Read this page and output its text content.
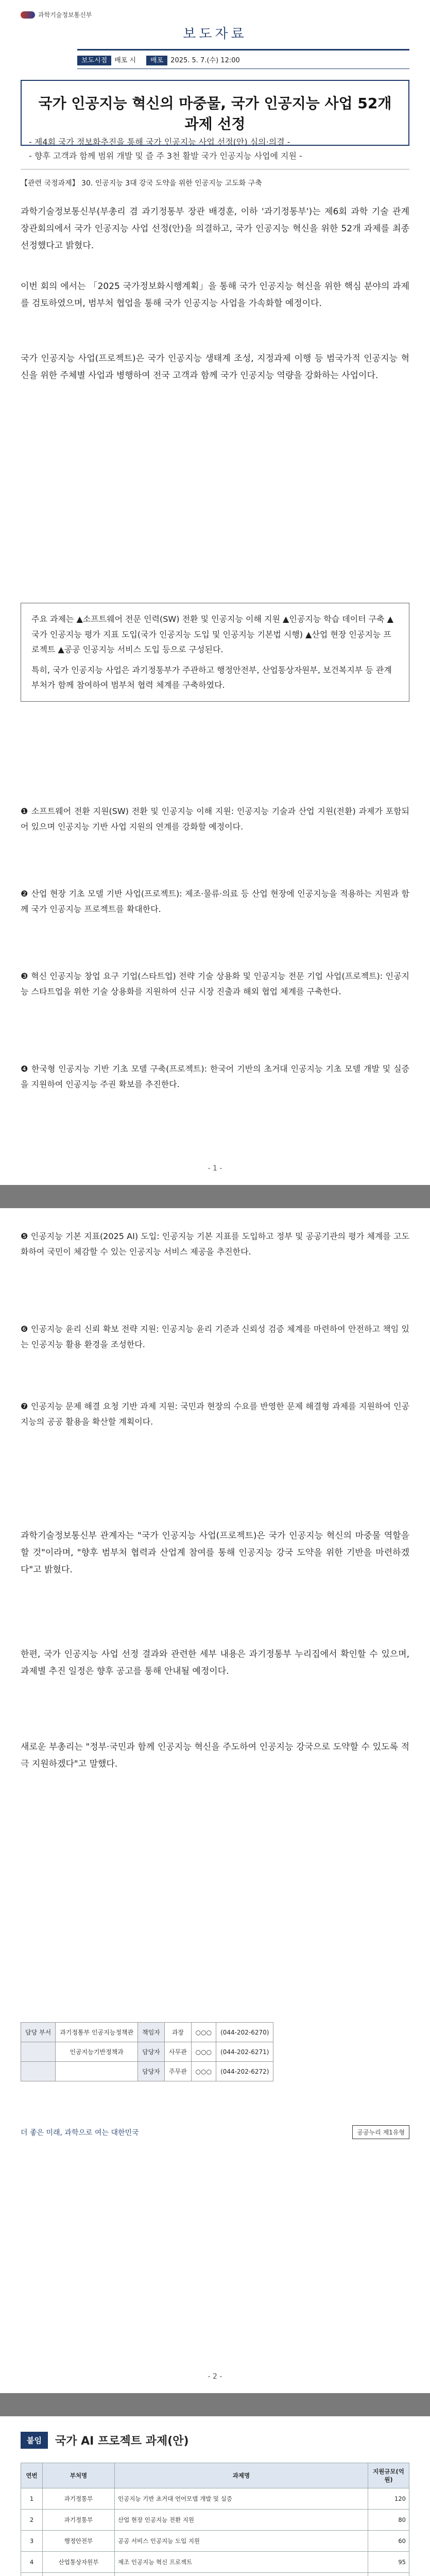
과학기술정보통신부
보도자료
보도시점 배포 시	배포 2025. 5. 7.(수) 12:00
국가 인공지능 혁신의 마중물, 국가 인공지능 사업 52개 과제 선정
- 제4회 국가 정보화추진을 통해 국가 인공지능 사업 선정(안) 심의·의결 -
- 향후 고객과 함께 범위 개발 및 즐 주 3천 활발 국가 인공지능 사업에 지원 -
【관련 국정과제】 30. 인공지능 3대 강국 도약을 위한 인공지능 고도화 구축
과학기술정보통신부(부총리 겸 과기정통부 장관 배경훈, 이하 '과기정통부')는 제6회 과학 기술 관계 장관회의에서 국가 인공지능 사업 선정(안)을 의결하고, 국가 인공지능 혁신을 위한 52개 과제를 최종 선정했다고 밝혔다.
이번 회의 에서는 「2025 국가정보화시행계획」을 통해 국가 인공지능 혁신을 위한 핵심 분야의 과제를 검토하였으며, 범부처 협업을 통해 국가 인공지능 사업을 가속화할 예정이다.
국가 인공지능 사업(프로젝트)은 국가 인공지능 생태계 조성, 지정과제 이행 등 범국가적 인공지능 혁신을 위한 주체별 사업과 병행하여 전국 고객과 함께 국가 인공지능 역량을 강화하는 사업이다.
주요 과제는 ▲소프트웨어 전문 인력(SW) 전환 및 인공지능 이해 지원 ▲인공지능 학습 데이터 구축 ▲국가 인공지능 평가 지표 도입(국가 인공지능 도입 및 인공지능 기본법 시행) ▲산업 현장 인공지능 프로젝트 ▲공공 인공지능 서비스 도입 등으로 구성된다.
특히, 국가 인공지능 사업은 과기정통부가 주관하고 행정안전부, 산업통상자원부, 보건복지부 등 관계 부처가 함께 참여하여 범부처 협력 체계를 구축하였다.
❶ 소프트웨어 전환 지원(SW) 전환 및 인공지능 이해 지원: 인공지능 기술과 산업 지원(전환) 과제가 포함되어 있으며 인공지능 기반 사업 지원의 연계를 강화할 예정이다.
❷ 산업 현장 기초 모델 기반 사업(프로젝트): 제조·물류·의료 등 산업 현장에 인공지능을 적용하는 지원과 함께 국가 인공지능 프로젝트를 확대한다.
❸ 혁신 인공지능 창업 요구 기업(스타트업) 전략 기술 상용화 및 인공지능 전문 기업 사업(프로젝트): 인공지능 스타트업을 위한 기술 상용화를 지원하여 신규 시장 진출과 해외 협업 체계를 구축한다.
❹ 한국형 인공지능 기반 기초 모델 구축(프로젝트): 한국어 기반의 초거대 인공지능 기초 모델 개발 및 실증을 지원하여 인공지능 주권 확보를 추진한다.
- 1 -
❺ 인공지능 기본 지표(2025 AI) 도입: 인공지능 기본 지표를 도입하고 정부 및 공공기관의 평가 체계를 고도화하여 국민이 체감할 수 있는 인공지능 서비스 제공을 추진한다.
❻ 인공지능 윤리 신뢰 확보 전략 지원: 인공지능 윤리 기준과 신뢰성 검증 체계를 마련하여 안전하고 책임 있는 인공지능 활용 환경을 조성한다.
❼ 인공지능 문제 해결 요청 기반 과제 지원: 국민과 현장의 수요를 반영한 문제 해결형 과제를 지원하여 인공지능의 공공 활용을 확산할 계획이다.
과학기술정보통신부 관계자는 "국가 인공지능 사업(프로젝트)은 국가 인공지능 혁신의 마중물 역할을 할 것"이라며, "향후 범부처 협력과 산업계 참여를 통해 인공지능 강국 도약을 위한 기반을 마련하겠다"고 밝혔다.
한편, 국가 인공지능 사업 선정 결과와 관련한 세부 내용은 과기정통부 누리집에서 확인할 수 있으며, 과제별 추진 일정은 향후 공고를 통해 안내될 예정이다.
새로운 부총리는 "정부·국민과 함께 인공지능 혁신을 주도하여 인공지능 강국으로 도약할 수 있도록 적극 지원하겠다"고 말했다.
담당 부서	과기정통부 인공지능정책관	책임자	과장	○○○	(044-202-6270)
	인공지능기반정책과	담당자	사무관	○○○	(044-202-6271)
		담당자	주무관	○○○	(044-202-6272)
더 좋은 미래, 과학으로 여는 대한민국	공공누리 제1유형
- 2 -
붙임	국가 AI 프로젝트 과제(안)
연번	부처명	과제명	지원규모(억원)
1	과기정통부	인공지능 기반 초거대 언어모델 개발 및 실증	120
2	과기정통부	산업 현장 인공지능 전환 지원	80
3	행정안전부	공공 서비스 인공지능 도입 지원	60
4	산업통상자원부	제조 인공지능 혁신 프로젝트	95
